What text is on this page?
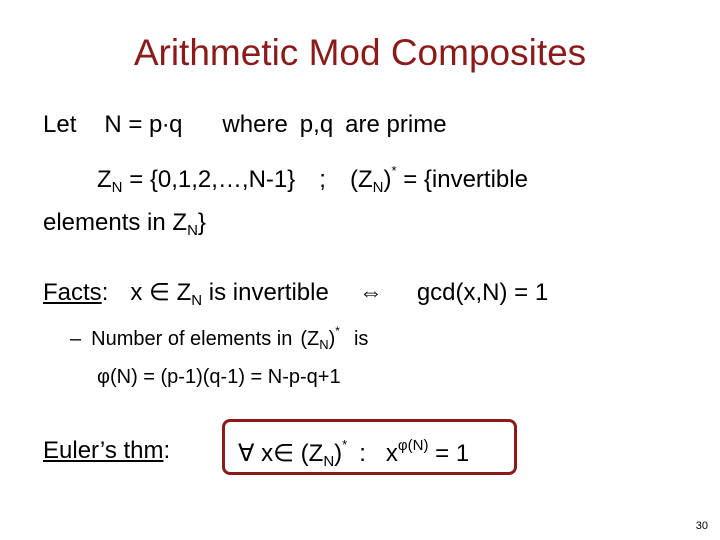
Arithmetic Mod Composites
Let N = p∙q where p,q are prime
$Z_N$ = {0,1,2,…,N-1} ; $(Z_N)^*$ = {invertible
elements in $Z_N$}
Facts: x ∈ $Z_N$ is invertible ⇔ gcd(x,N) = 1
– Number of elements in $(Z_N)^*$ is
φ(N) = (p-1)(q-1) = N-p-q+1
Euler’s thm:	∀ x∈ $(Z_N)^*$ : $x^{\varphi(N)} = 1$
30
